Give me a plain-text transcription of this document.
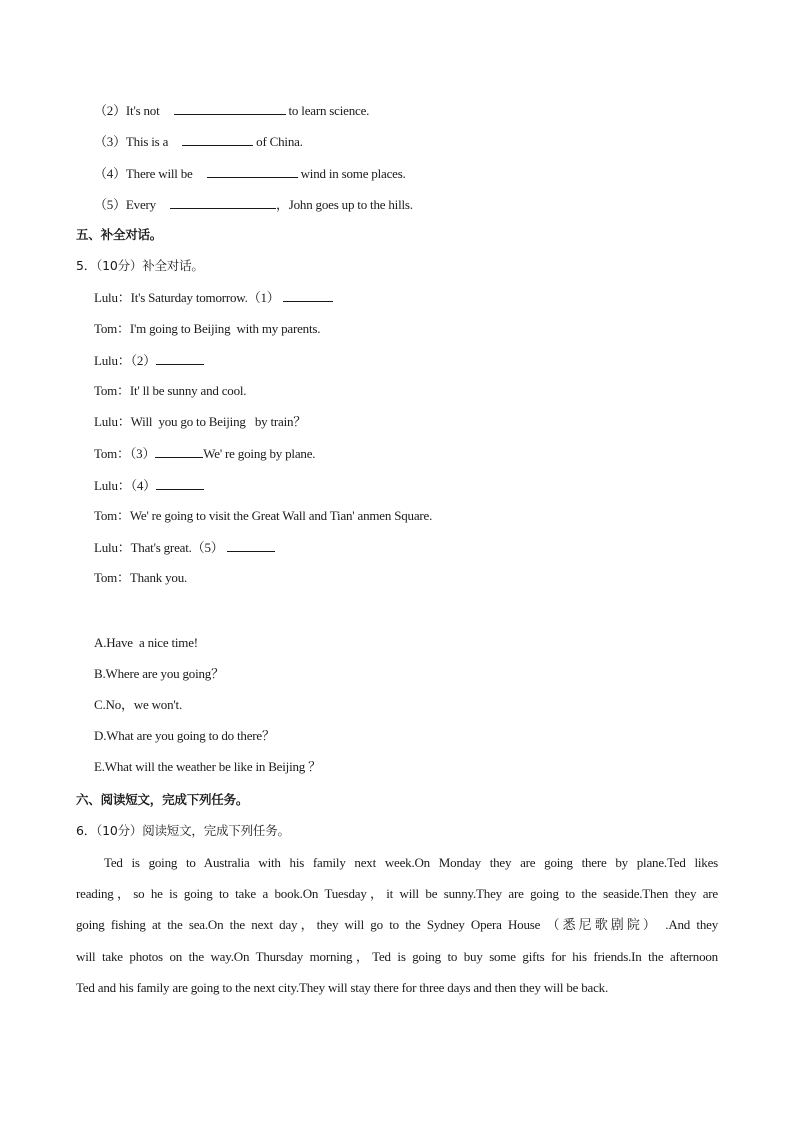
（2）It's not	to learn science.
（3）This is a	of China.
（4）There will be	wind in some places.
（5）Every	，John goes up to the hills.
五、补全对话。
5．（10分）补全对话。
Lulu：It's Saturday tomorrow.（1）
Tom：I'm going to Beijing  with my parents.
Lulu：（2）
Tom：It' ll be sunny and cool.
Lulu：Will  you go to Beijing   by train？
Tom：（3）	We' re going by plane.
Lulu：（4）
Tom：We' re going to visit the Great Wall and Tian' anmen Square.
Lulu：That's great.（5）
Tom：Thank you.
A.Have  a nice time!
B.Where are you going？
C.No，we won't.
D.What are you going to do there？
E.What will the weather be like in Beijing ？
六、阅读短文，完成下列任务。
6．（10分）阅读短文，完成下列任务。
Ted is going to Australia with his family next week.On Monday they are going there by plane.Ted likes
reading，so he is going to take a book.On Tuesday，it will be sunny.They are going to the seaside.Then they are
going fishing at the sea.On the next day，they will go to the Sydney Opera House （悉尼歌剧院） .And they
will take photos on the way.On Thursday morning，Ted is going to buy some gifts for his friends.In the afternoon
Ted and his family are going to the next city.They will stay there for three days and then they will be back.
